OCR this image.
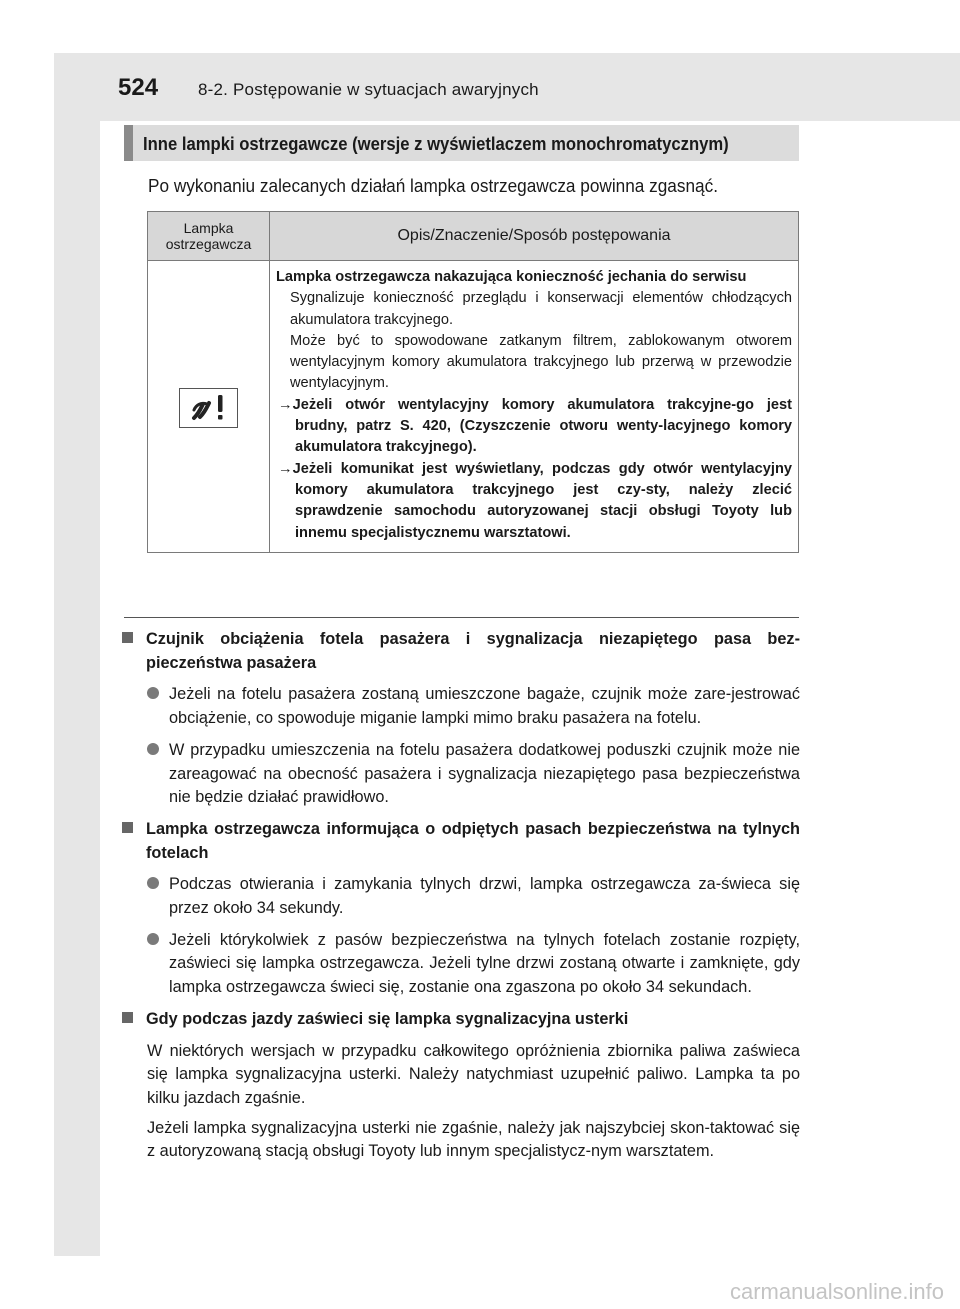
524 8-2. Postępowanie w sytuacjach awaryjnych
Inne lampki ostrzegawcze (wersje z wyświetlaczem monochromatycznym)
Po wykonaniu zalecanych działań lampka ostrzegawcza powinna zgasnąć.
Lampka ostrzegawcza	Opis/Znaczenie/Sposób postępowania

Lampka ostrzegawcza nakazująca konieczność jechania do serwisu
Sygnalizuje konieczność przeglądu i konserwacji elementów chłodzących akumulatora trakcyjnego.
Może być to spowodowane zatkanym filtrem, zablokowanym otworem wentylacyjnym komory akumulatora trakcyjnego lub przerwą w przewodzie wentylacyjnym.
→Jeżeli otwór wentylacyjny komory akumulatora trakcyjne-go jest brudny, patrz S. 420, (Czyszczenie otworu wenty-lacyjnego komory akumulatora trakcyjnego).
→Jeżeli komunikat jest wyświetlany, podczas gdy otwór wentylacyjny komory akumulatora trakcyjnego jest czy-sty, należy zlecić sprawdzenie samochodu autoryzowanej stacji obsługi Toyoty lub innemu specjalistycznemu warsztatowi.
Czujnik obciążenia fotela pasażera i sygnalizacja niezapiętego pasa bez-pieczeństwa pasażera
Jeżeli na fotelu pasażera zostaną umieszczone bagaże, czujnik może zare-jestrować obciążenie, co spowoduje miganie lampki mimo braku pasażera na fotelu.
W przypadku umieszczenia na fotelu pasażera dodatkowej poduszki czujnik może nie zareagować na obecność pasażera i sygnalizacja niezapiętego pasa bezpieczeństwa nie będzie działać prawidłowo.
Lampka ostrzegawcza informująca o odpiętych pasach bezpieczeństwa na tylnych fotelach
Podczas otwierania i zamykania tylnych drzwi, lampka ostrzegawcza za-świeca się przez około 34 sekundy.
Jeżeli którykolwiek z pasów bezpieczeństwa na tylnych fotelach zostanie rozpięty, zaświeci się lampka ostrzegawcza. Jeżeli tylne drzwi zostaną otwarte i zamknięte, gdy lampka ostrzegawcza świeci się, zostanie ona zgaszona po około 34 sekundach.
Gdy podczas jazdy zaświeci się lampka sygnalizacyjna usterki
W niektórych wersjach w przypadku całkowitego opróżnienia zbiornika paliwa zaświeca się lampka sygnalizacyjna usterki. Należy natychmiast uzupełnić paliwo. Lampka ta po kilku jazdach zgaśnie.
Jeżeli lampka sygnalizacyjna usterki nie zgaśnie, należy jak najszybciej skon-taktować się z autoryzowaną stacją obsługi Toyoty lub innym specjalistycz-nym warsztatem.
carmanualsonline.info
